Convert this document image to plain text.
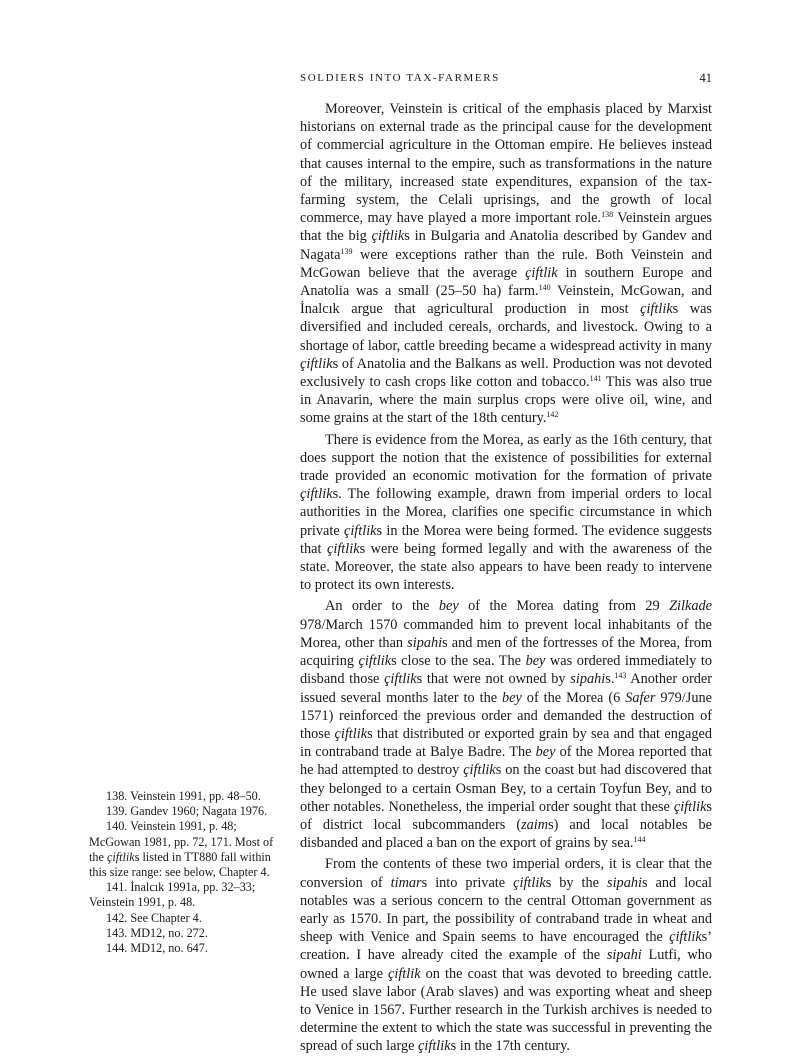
SOLDIERS INTO TAX-FARMERS	41

Moreover, Veinstein is critical of the emphasis placed by Marxist historians on external trade as the principal cause for the development of commercial agriculture in the Ottoman empire. He believes instead that causes internal to the empire, such as transformations in the nature of the military, increased state expenditures, expansion of the tax-farming system, the Celali uprisings, and the growth of local commerce, may have played a more important role.$^{138}$ Veinstein argues that the big çiftliks in Bulgaria and Anatolia described by Gandev and Nagata$^{139}$ were exceptions rather than the rule. Both Veinstein and McGowan believe that the average çiftlik in southern Europe and Anatolia was a small (25–50 ha) farm.$^{140}$ Veinstein, McGowan, and İnalcık argue that agricultural production in most çiftliks was diversified and included cereals, orchards, and livestock. Owing to a shortage of labor, cattle breeding became a widespread activity in many çiftliks of Anatolia and the Balkans as well. Production was not devoted exclusively to cash crops like cotton and tobacco.$^{141}$ This was also true in Anavarin, where the main surplus crops were olive oil, wine, and some grains at the start of the 18th century.$^{142}$

There is evidence from the Morea, as early as the 16th century, that does support the notion that the existence of possibilities for external trade provided an economic motivation for the formation of private çiftliks. The following example, drawn from imperial orders to local authorities in the Morea, clarifies one specific circumstance in which private çiftliks in the Morea were being formed. The evidence suggests that çiftliks were being formed legally and with the awareness of the state. Moreover, the state also appears to have been ready to intervene to protect its own interests.

An order to the bey of the Morea dating from 29 Zilkade 978/March 1570 commanded him to prevent local inhabitants of the Morea, other than sipahis and men of the fortresses of the Morea, from acquiring çiftliks close to the sea. The bey was ordered immediately to disband those çiftliks that were not owned by sipahis.$^{143}$ Another order issued several months later to the bey of the Morea (6 Safer 979/June 1571) reinforced the previous order and demanded the destruction of those çiftliks that distributed or exported grain by sea and that engaged in contraband trade at Balye Badre. The bey of the Morea reported that he had attempted to destroy çiftliks on the coast but had discovered that they belonged to a certain Osman Bey, to a certain Toyfun Bey, and to other notables. Nonetheless, the imperial order sought that these çiftliks of district local subcommanders (zaims) and local notables be disbanded and placed a ban on the export of grains by sea.$^{144}$

From the contents of these two imperial orders, it is clear that the conversion of timars into private çiftliks by the sipahis and local notables was a serious concern to the central Ottoman government as early as 1570. In part, the possibility of contraband trade in wheat and sheep with Venice and Spain seems to have encouraged the çiftliks’ creation. I have already cited the example of the sipahi Lutfi, who owned a large çiftlik on the coast that was devoted to breeding cattle. He used slave labor (Arab slaves) and was exporting wheat and sheep to Venice in 1567. Further research in the Turkish archives is needed to determine the extent to which the state was successful in preventing the spread of such large çiftliks in the 17th century.

138. Veinstein 1991, pp. 48–50.

139. Gandev 1960; Nagata 1976.

140. Veinstein 1991, p. 48; McGowan 1981, pp. 72, 171. Most of the çiftliks listed in TT880 fall within this size range: see below, Chapter 4.

141. İnalcık 1991a, pp. 32–33; Veinstein 1991, p. 48.

142. See Chapter 4.

143. MD12, no. 272.

144. MD12, no. 647.
